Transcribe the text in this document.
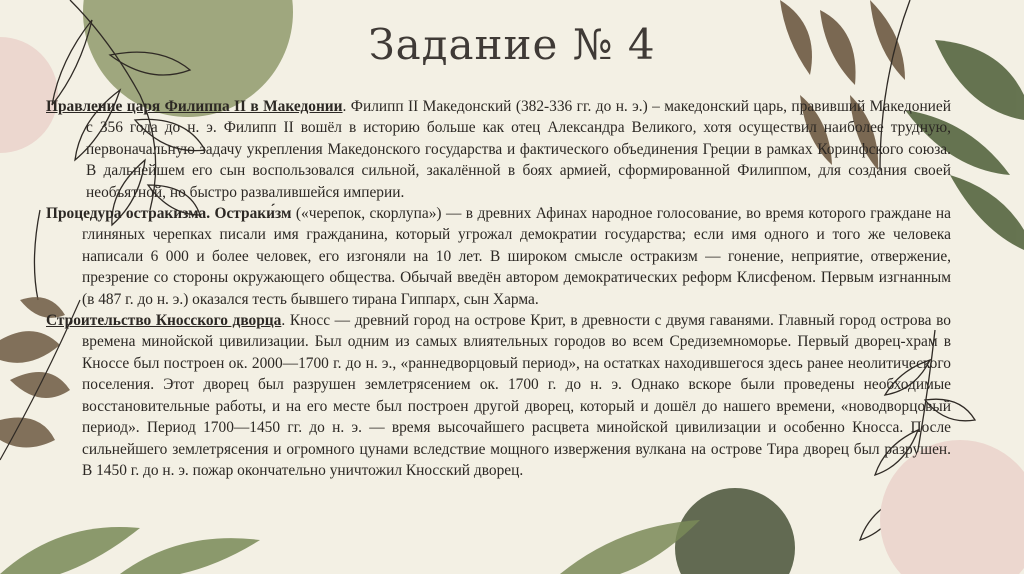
Задание № 4

Правление царя Филиппа II в Македонии. Филипп II Македонский (382-336 гг. до н. э.) – македонский царь, правивший Македонией с 356 года до н. э. Филипп II вошёл в историю больше как отец Александра Великого, хотя осуществил наиболее трудную, первоначальную задачу укрепления Македонского государства и фактического объединения Греции в рамках Коринфского союза. В дальнейшем его сын воспользовался сильной, закалённой в боях армией, сформированной Филиппом, для создания своей необъятной, но быстро развалившейся империи.

Процедура остракизма. Острaки́зм («черепок, скорлупа») — в древних Афинах народное голосование, во время которого граждане на глиняных черепках писали имя гражданина, который угрожал демократии государства; если имя одного и того же человека написали 6 000 и более человек, его изгоняли на 10 лет. В широком смысле остракизм — гонение, неприятие, отвержение, презрение со стороны окружающего общества. Обычай введён автором демократических реформ Клисфеном. Первым изгнанным (в 487 г. до н. э.) оказался тесть бывшего тирана Гиппарх, сын Харма.

Строительство Кносского дворца. Кносс — древний город на острове Крит, в древности с двумя гаванями. Главный город острова во времена минойской цивилизации. Был одним из самых влиятельных городов во всем Средиземноморье. Первый дворец-храм в Кноссе был построен ок. 2000—1700 г. до н. э., «раннедворцовый период», на остатках находившегося здесь ранее неолитического поселения. Этот дворец был разрушен землетрясением ок. 1700 г. до н. э. Однако вскоре были проведены необходимые восстановительные работы, и на его месте был построен другой дворец, который и дошёл до нашего времени, «новодворцовый период». Период 1700—1450 гг. до н. э. — время высочайшего расцвета минойской цивилизации и особенно Кносса. После сильнейшего землетрясения и огромного цунами вследствие мощного извержения вулкана на острове Тира дворец был разрушен. В 1450 г. до н. э. пожар окончательно уничтожил Кносский дворец.
